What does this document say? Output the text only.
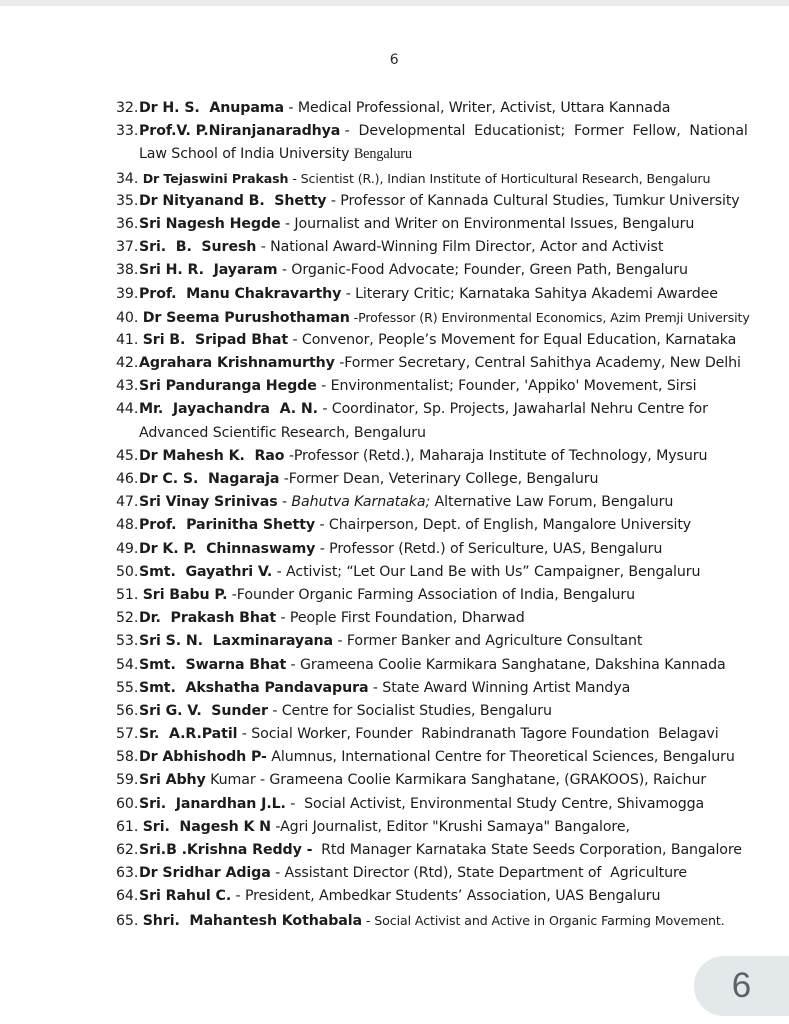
6
32.Dr H. S.  Anupama - Medical Professional, Writer, Activist, Uttara Kannada
33.Prof.V. P.Niranjanaradhya -  Developmental  Educationist;  Former  Fellow,  National
Law School of India University Bengaluru
34. Dr Tejaswini Prakash - Scientist (R.), Indian Institute of Horticultural Research, Bengaluru
35.Dr Nityanand B.  Shetty - Professor of Kannada Cultural Studies, Tumkur University
36.Sri Nagesh Hegde - Journalist and Writer on Environmental Issues, Bengaluru
37.Sri.  B.  Suresh - National Award-Winning Film Director, Actor and Activist
38.Sri H. R.  Jayaram - Organic-Food Advocate; Founder, Green Path, Bengaluru
39.Prof.  Manu Chakravarthy - Literary Critic; Karnataka Sahitya Akademi Awardee
40. Dr Seema Purushothaman -Professor (R) Environmental Economics, Azim Premji University
41. Sri B.  Sripad Bhat - Convenor, People’s Movement for Equal Education, Karnataka
42.Agrahara Krishnamurthy -Former Secretary, Central Sahithya Academy, New Delhi
43.Sri Panduranga Hegde - Environmentalist; Founder, 'Appiko' Movement, Sirsi
44.Mr.  Jayachandra  A. N. - Coordinator, Sp. Projects, Jawaharlal Nehru Centre for
Advanced Scientific Research, Bengaluru
45.Dr Mahesh K.  Rao -Professor (Retd.), Maharaja Institute of Technology, Mysuru
46.Dr C. S.  Nagaraja -Former Dean, Veterinary College, Bengaluru
47.Sri Vinay Srinivas - Bahutva Karnataka; Alternative Law Forum, Bengaluru
48.Prof.  Parinitha Shetty - Chairperson, Dept. of English, Mangalore University
49.Dr K. P.  Chinnaswamy - Professor (Retd.) of Sericulture, UAS, Bengaluru
50.Smt.  Gayathri V. - Activist; “Let Our Land Be with Us” Campaigner, Bengaluru
51. Sri Babu P. -Founder Organic Farming Association of India, Bengaluru
52.Dr.  Prakash Bhat - People First Foundation, Dharwad
53.Sri S. N.  Laxminarayana - Former Banker and Agriculture Consultant
54.Smt.  Swarna Bhat - Grameena Coolie Karmikara Sanghatane, Dakshina Kannada
55.Smt.  Akshatha Pandavapura - State Award Winning Artist Mandya
56.Sri G. V.  Sunder - Centre for Socialist Studies, Bengaluru
57.Sr.  A.R.Patil - Social Worker, Founder  Rabindranath Tagore Foundation  Belagavi
58.Dr Abhishodh P- Alumnus, International Centre for Theoretical Sciences, Bengaluru
59.Sri Abhy Kumar - Grameena Coolie Karmikara Sanghatane, (GRAKOOS), Raichur
60.Sri.  Janardhan J.L. -  Social Activist, Environmental Study Centre, Shivamogga
61. Sri.  Nagesh K N -Agri Journalist, Editor "Krushi Samaya" Bangalore,
62.Sri.B .Krishna Reddy -  Rtd Manager Karnataka State Seeds Corporation, Bangalore
63.Dr Sridhar Adiga - Assistant Director (Rtd), State Department of  Agriculture
64.Sri Rahul C. - President, Ambedkar Students’ Association, UAS Bengaluru
65. Shri.  Mahantesh Kothabala - Social Activist and Active in Organic Farming Movement.
6
